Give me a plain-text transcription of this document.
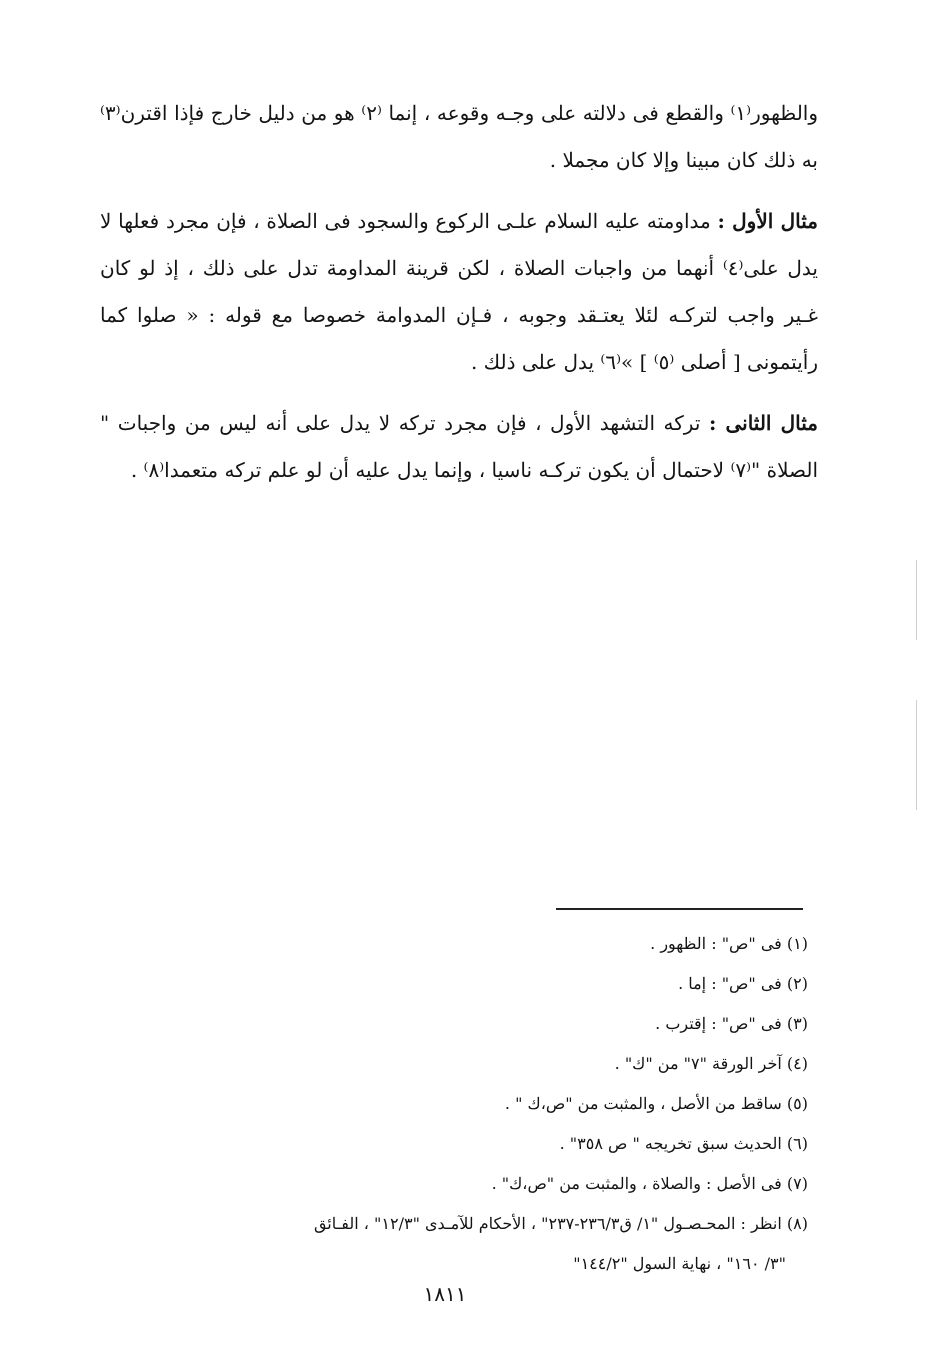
والظهور⁽١⁾ والقطع فى دلالته على وجـه وقوعه ، إنما ⁽٢⁾ هو من دليل خارج فإذا اقترن⁽٣⁾ به ذلك كان مبينا وإلا كان مجملا .

مثال الأول : مداومته عليه السلام علـى الركوع والسجود فى الصلاة ، فإن مجرد فعلها لا يدل على⁽٤⁾ أنهما من واجبات الصلاة ، لكن قرينة المداومة تدل على ذلك ، إذ لو كان غـير واجب لتركـه لئلا يعتـقد وجوبه ، فـإن المدوامة خصوصا مع قوله : « صلوا كما رأيتمونى [ أصلى ⁽٥⁾ ] »⁽٦⁾ يدل على ذلك .

مثال الثانى : تركه التشهد الأول ، فإن مجرد تركه لا يدل على أنه ليس من واجبات " الصلاة "⁽٧⁾ لاحتمال أن يكون تركـه ناسيا ، وإنما يدل عليه أن لو علم تركه متعمدا⁽٨⁾ .

(١) فى "ص" : الظهور .

(٢) فى "ص" : إما .

(٣) فى "ص" : إقترب .

(٤) آخر الورقة "٧" من "ك" .

(٥) ساقط من الأصل ، والمثبت من "ص،ك " .

(٦) الحديث سبق تخريجه " ص ٣٥٨" .

(٧) فى الأصل : والصلاة ، والمثبت من "ص،ك" .

(٨) انظر : المحـصـول "١/ ق٢٣٦/٣-٢٣٧" ، الأحكام للآمـدى "١٢/٣" ، الفـائق

"٣/ ١٦٠" ، نهاية السول "١٤٤/٢"

١٨١١
